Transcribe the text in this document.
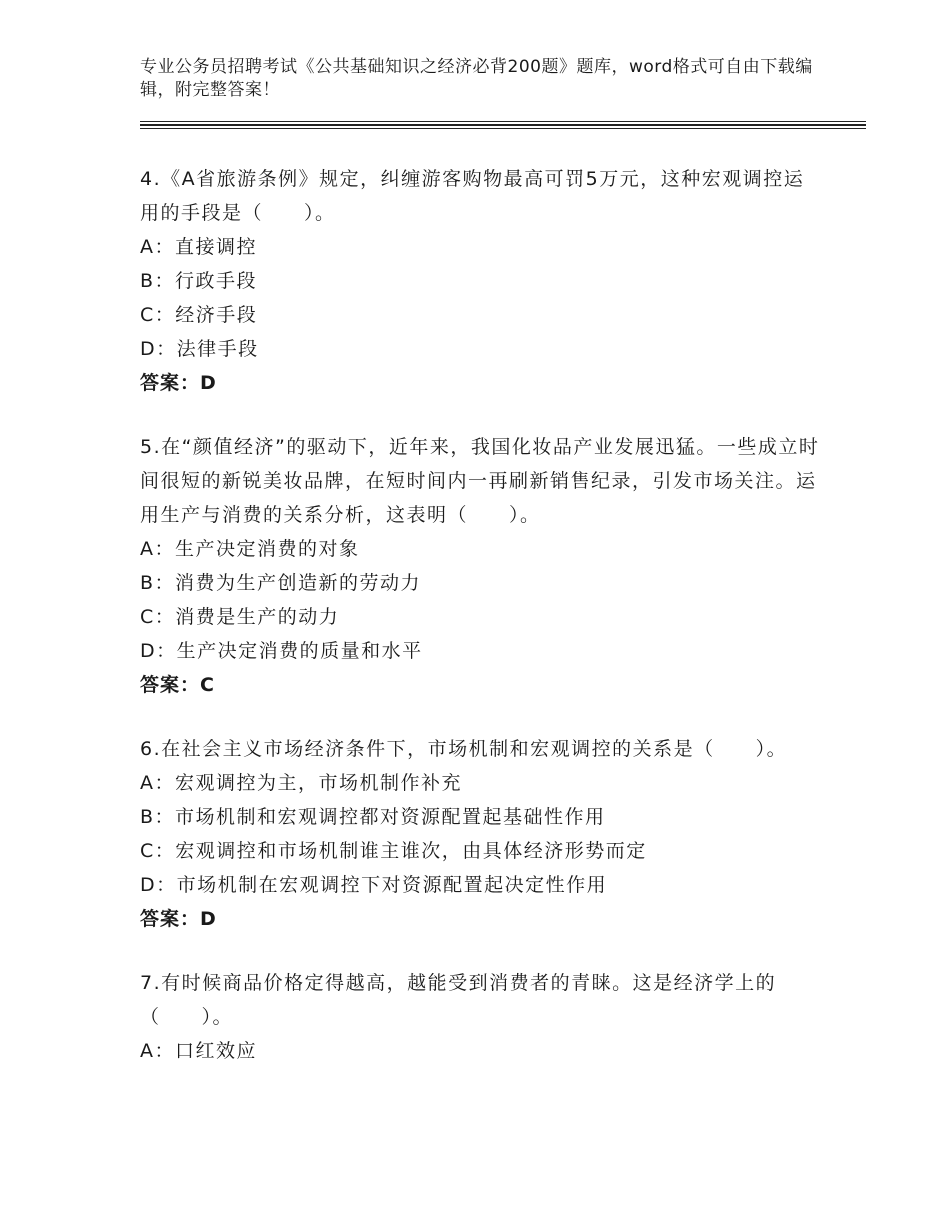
专业公务员招聘考试《公共基础知识之经济必背200题》题库，word格式可自由下载编辑，附完整答案！

4.《A省旅游条例》规定，纠缠游客购物最高可罚5万元，这种宏观调控运用的手段是（　　）。

A：直接调控

B：行政手段

C：经济手段

D：法律手段

答案：D

5.在“颜值经济”的驱动下，近年来，我国化妆品产业发展迅猛。一些成立时间很短的新锐美妆品牌，在短时间内一再刷新销售纪录，引发市场关注。运用生产与消费的关系分析，这表明（　　）。

A：生产决定消费的对象

B：消费为生产创造新的劳动力

C：消费是生产的动力

D：生产决定消费的质量和水平

答案：C

6.在社会主义市场经济条件下，市场机制和宏观调控的关系是（　　）。

A：宏观调控为主，市场机制作补充

B：市场机制和宏观调控都对资源配置起基础性作用

C：宏观调控和市场机制谁主谁次，由具体经济形势而定

D：市场机制在宏观调控下对资源配置起决定性作用

答案：D

7.有时候商品价格定得越高，越能受到消费者的青睐。这是经济学上的（　　）。

A：口红效应
